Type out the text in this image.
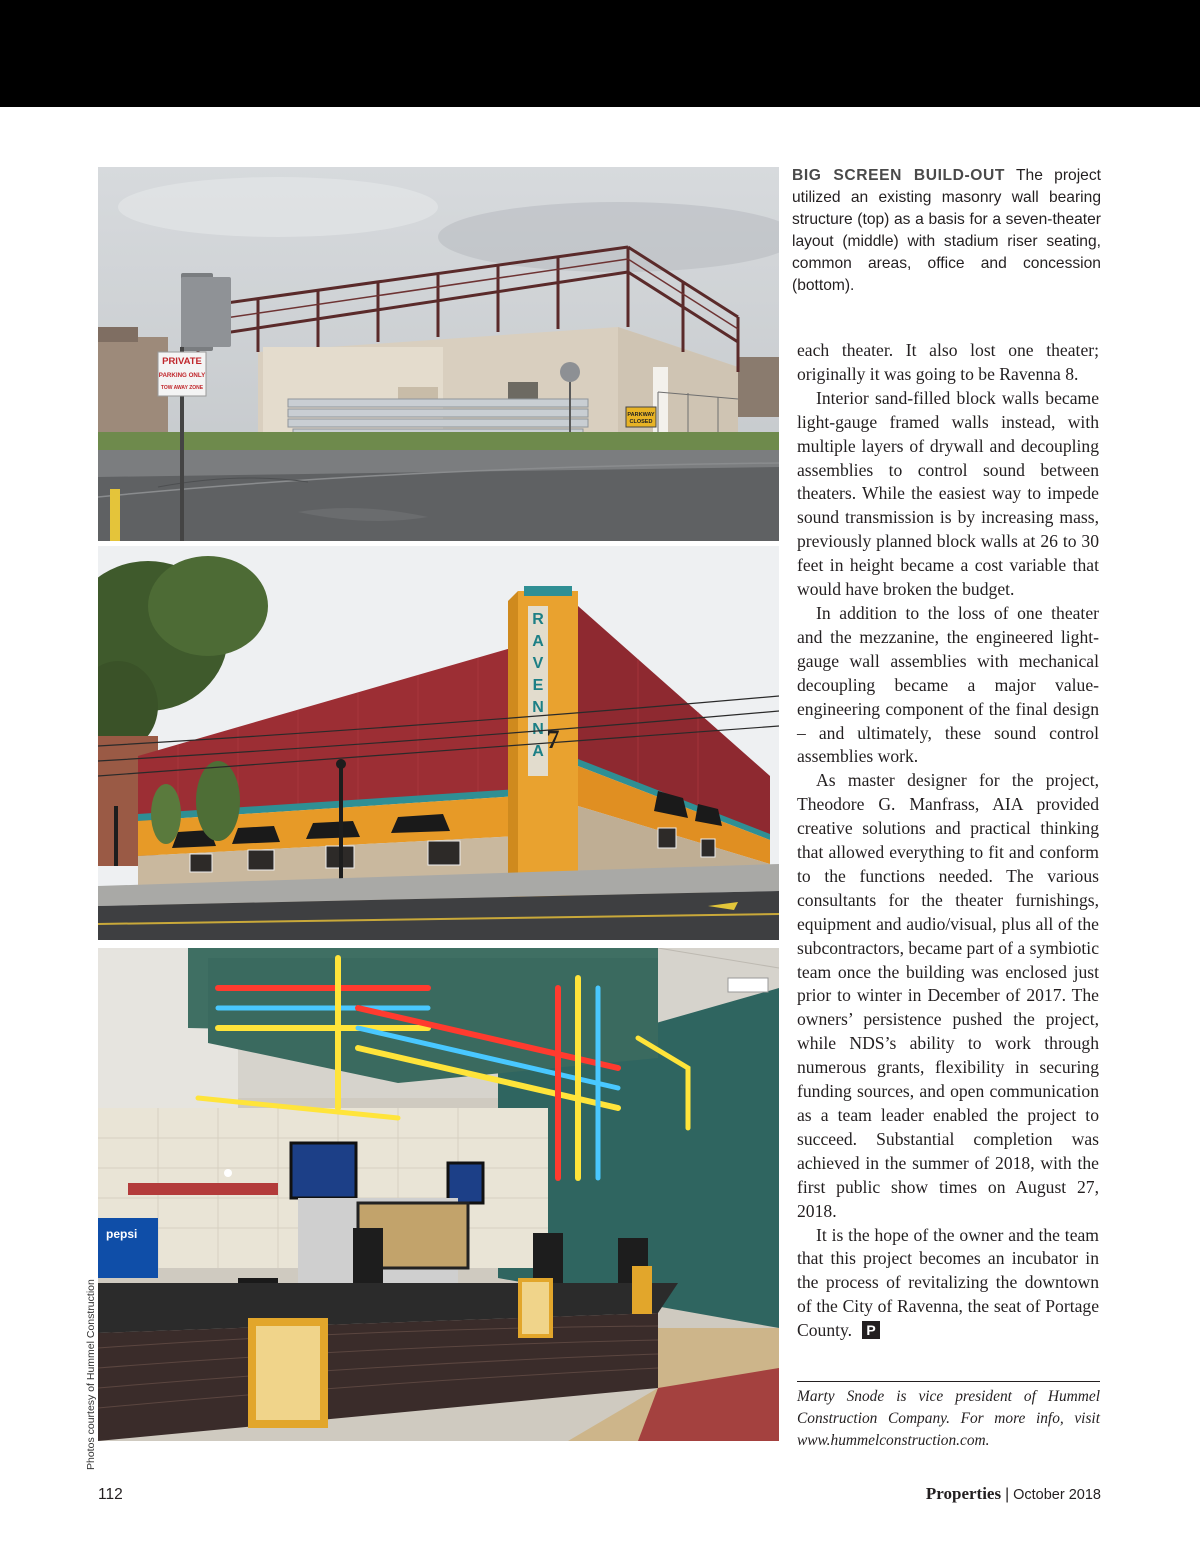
PARKWAY
CLOSED
PRIVATE
PARKING ONLY
TOW AWAY ZONE
R
A
V
E
N
N
A 7
pepsi
BIG SCREEN BUILD-OUT The project utilized an existing masonry wall bearing structure (top) as a basis for a seven-theater layout (middle) with stadium riser seating, common areas, office and concession (bottom).

each theater. It also lost one theater; originally it was going to be Ravenna 8.

Interior sand-filled block walls became light-gauge framed walls instead, with multiple layers of drywall and decoupling assemblies to control sound between theaters. While the easiest way to impede sound transmission is by increasing mass, previously planned block walls at 26 to 30 feet in height became a cost variable that would have broken the budget.

In addition to the loss of one theater and the mezzanine, the engineered light-gauge wall assemblies with mechanical decoupling became a major value-engineering component of the final design – and ultimately, these sound control assemblies work.

As master designer for the project, Theodore G. Manfrass, AIA provided creative solutions and practical thinking that allowed everything to fit and conform to the functions needed. The various consultants for the theater furnishings, equipment and audio/​visual, plus all of the subcontractors, became part of a symbiotic team once the building was enclosed just prior to winter in December of 2017. The owners’ persistence pushed the project, while NDS’s ability to work through numerous grants, flexibility in securing funding sources, and open communication as a team leader enabled the project to succeed. Substantial completion was achieved in the summer of 2018, with the first public show times on August 27, 2018.

It is the hope of the owner and the team that this project becomes an incubator in the process of revitalizing the downtown of the City of Ravenna, the seat of Portage County. P

Marty Snode is vice president of Hummel Construction Company. For more info, visit www.hummelconstruction.com.
Photos courtesy of Hummel Construction
112	Properties | October 2018
